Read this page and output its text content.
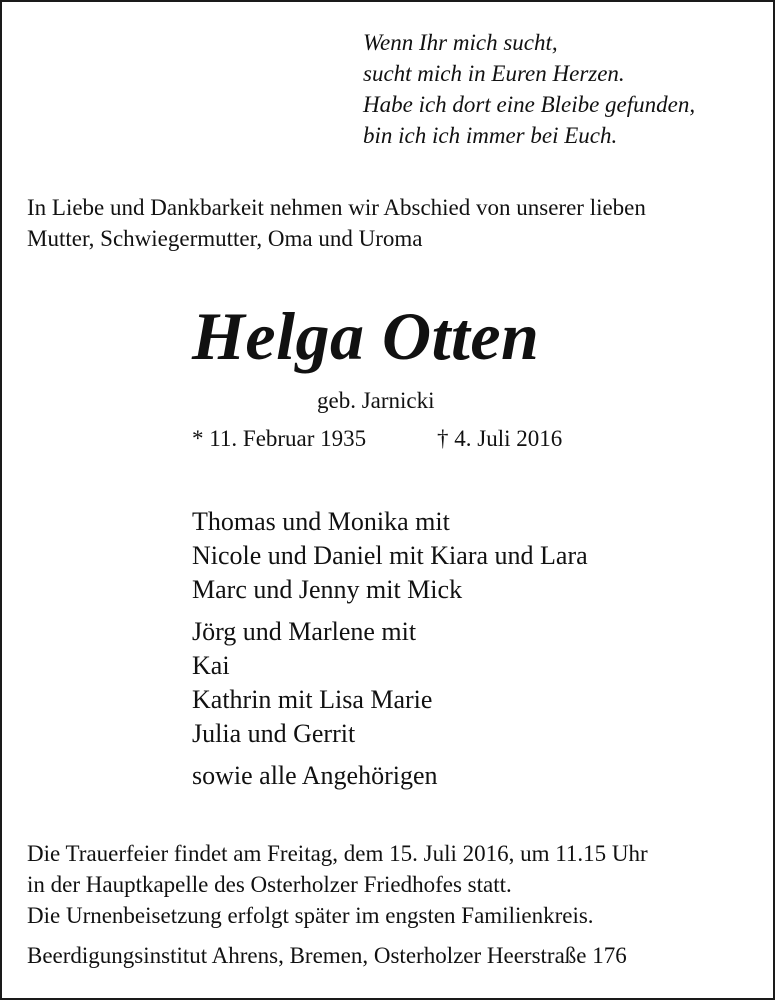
Wenn Ihr mich sucht,
sucht mich in Euren Herzen.
Habe ich dort eine Bleibe gefunden,
bin ich ich immer bei Euch.
In Liebe und Dankbarkeit nehmen wir Abschied von unserer lieben
Mutter, Schwiegermutter, Oma und Uroma
Helga Otten
geb. Jarnicki
* 11. Februar 1935	† 4. Juli 2016
Thomas und Monika mit
Nicole und Daniel mit Kiara und Lara
Marc und Jenny mit Mick
Jörg und Marlene mit
Kai
Kathrin mit Lisa Marie
Julia und Gerrit
sowie alle Angehörigen
Die Trauerfeier findet am Freitag, dem 15. Juli 2016, um 11.15 Uhr
in der Hauptkapelle des Osterholzer Friedhofes statt.
Die Urnenbeisetzung erfolgt später im engsten Familienkreis.
Beerdigungsinstitut Ahrens, Bremen, Osterholzer Heerstraße 176
